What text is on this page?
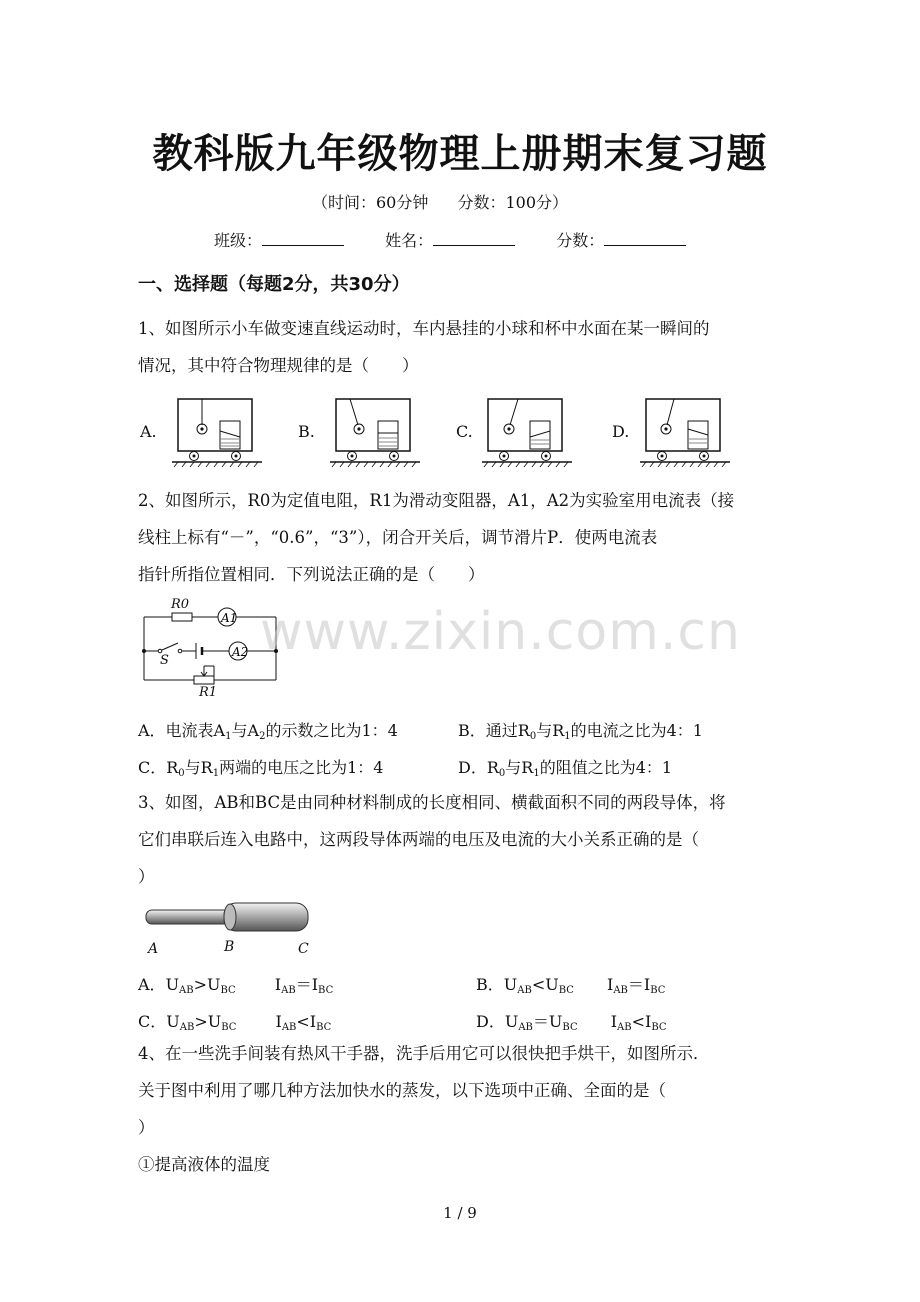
教科版九年级物理上册期末复习题
（时间：60分钟 分数：100分）
班级：	姓名：	分数：
一、选择题（每题2分，共30分）
1、如图所示小车做变速直线运动时，车内悬挂的小球和杯中水面在某一瞬间的
情况，其中符合物理规律的是（　　）
A.	B.	C.	D.
2、如图所示，R0为定值电阻，R1为滑动变阻器，A1，A2为实验室用电流表（接
线柱上标有“－”，“0.6”，“3”），闭合开关后，调节滑片P．使两电流表
指针所指位置相同．下列说法正确的是（　　）
R0
R1
S
A1
A2 www.zixin.com.cn
A．电流表$A_1$与$A_2$的示数之比为1：4	B．通过$R_0$与$R_1$的电流之比为4：1
C．$R_0$与$R_1$两端的电压之比为1：4	D．$R_0$与$R_1$的阻值之比为4：1
3、如图，AB和BC是由同种材料制成的长度相同、横截面积不同的两段导体，将
它们串联后连入电路中，这两段导体两端的电压及电流的大小关系正确的是（
）
A	B	C
A．$U_{AB}>U_{BC}$ $I_{AB}=I_{BC}$	B．$U_{AB}<U_{BC}$ $I_{AB}=I_{BC}$
C．$U_{AB}>U_{BC}$ $I_{AB}<I_{BC}$	D．$U_{AB}=U_{BC}$ $I_{AB}<I_{BC}$
4、在一些洗手间装有热风干手器，洗手后用它可以很快把手烘干，如图所示．
关于图中利用了哪几种方法加快水的蒸发，以下选项中正确、全面的是（
）
①提高液体的温度
1 / 9
